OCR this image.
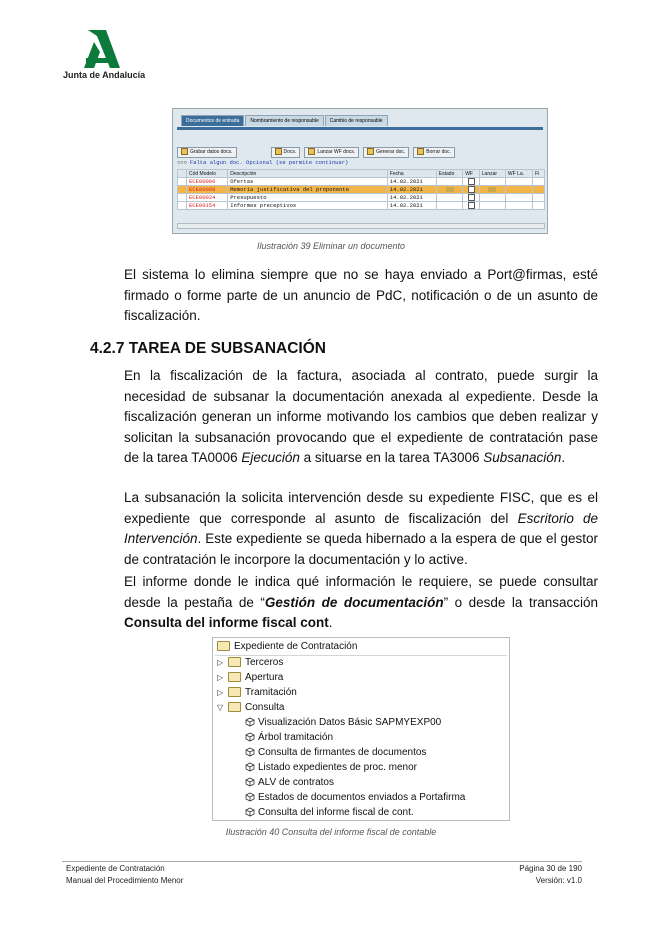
Junta de Andalucía
Documentos de entrada	Nombramiento de responsable	Cambio de responsable
Grabar datos docs.	Docs.	Lanzar WF docs.	Generar doc.	Borrar doc.
○○○ Falta algun doc. Opcional (se permite continuar)
	Cód Modelo	Descripción	Fecha	Estado	WF	Lanzar	WF La.	Fi
	ECE00006	Ofertas	14.02.2021					
	ECE00008	Memoria justificativa del proponente	14.02.2021					
	ECE00024	Presupuesto	14.02.2021					
	ECE00154	Informes preceptivos	14.02.2021					
Ilustración 39 Eliminar un documento
El sistema lo elimina siempre que no se haya enviado a Port@firmas, esté firmado o forme parte de un anuncio de PdC, notificación o de un asunto de fiscalización.
4.2.7 TAREA DE SUBSANACIÓN
En la fiscalización de la factura, asociada al contrato, puede surgir la necesidad de subsanar la documentación anexada al expediente. Desde la fiscalización generan un informe motivando los cambios que deben realizar y solicitan la subsanación provocando que el expediente de contratación pase de la tarea TA0006 Ejecución a situarse en la tarea TA3006 Subsanación.
La subsanación la solicita intervención desde su expediente FISC, que es el expediente que corresponde al asunto de fiscalización del Escritorio de Intervención. Este expediente se queda hibernado a la espera de que el gestor de contratación le incorpore la documentación y lo active.
El informe donde le indica qué información le requiere, se puede consultar desde la pestaña de “Gestión de documentación” o desde la transacción Consulta del informe fiscal cont.
Expediente de Contratación
▷ Terceros
▷ Apertura
▷ Tramitación
▽ Consulta
Visualización Datos Básic SAPMYEXP00
Árbol tramitación
Consulta de firmantes de documentos
Listado expedientes de proc. menor
ALV de contratos
Estados de documentos enviados a Portafirma
Consulta del informe fiscal de cont.
Ilustración 40 Consulta del informe fiscal de contable
Expediente de Contratación
Manual del Procedimiento Menor
Página 30 de 190
Versión: v1.0
